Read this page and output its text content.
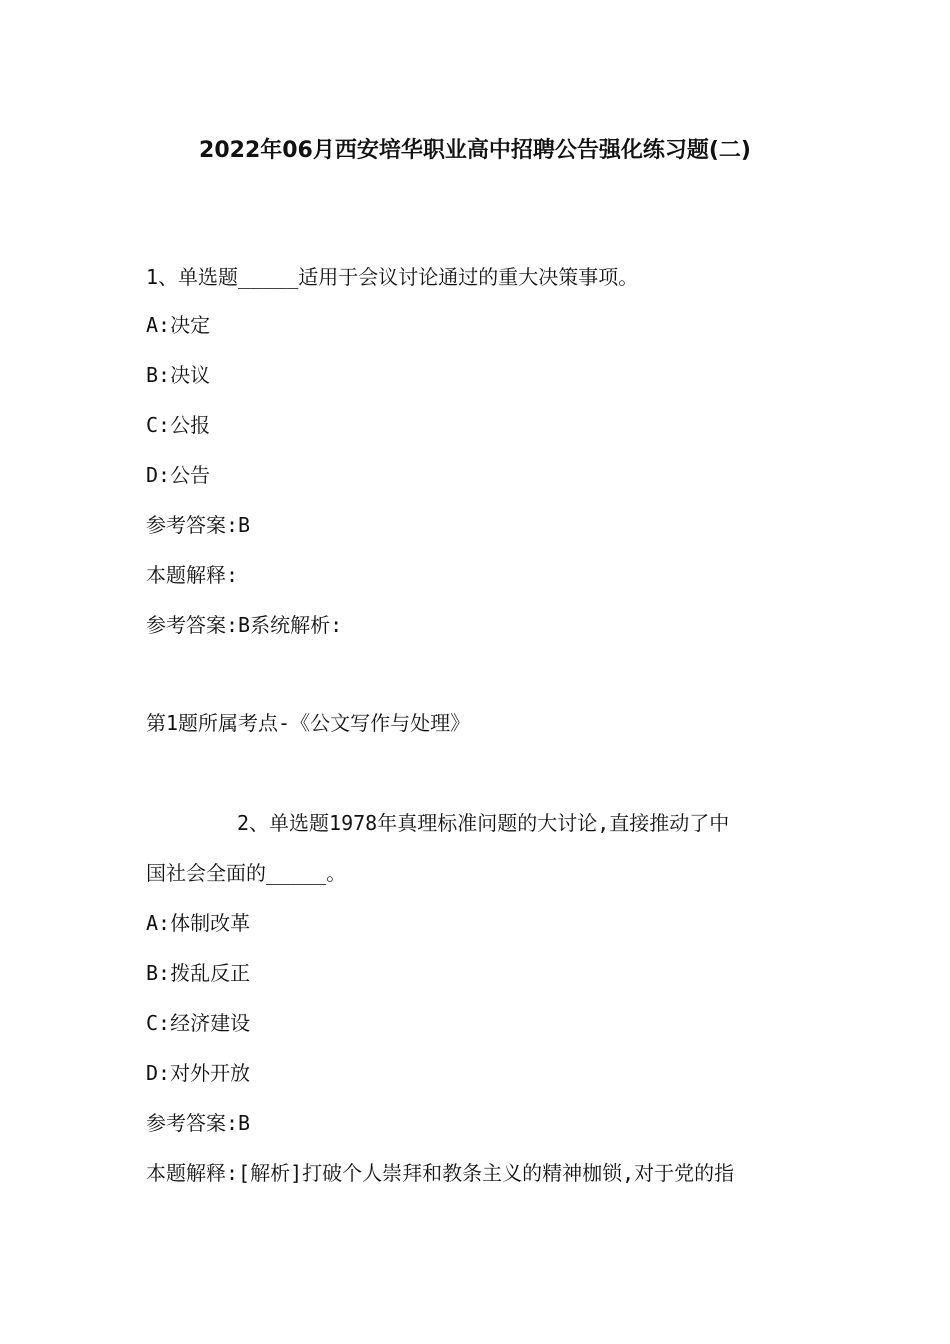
2022年06月西安培华职业高中招聘公告强化练习题(二)
1、单选题_____适用于会议讨论通过的重大决策事项。
A:决定
B:决议
C:公报
D:公告
参考答案:B
本题解释:
参考答案:B系统解析:
第1题所属考点-《公文写作与处理》
2、单选题1978年真理标准问题的大讨论,直接推动了中
国社会全面的_____。
A:体制改革
B:拨乱反正
C:经济建设
D:对外开放
参考答案:B
本题解释:[解析]打破个人崇拜和教条主义的精神枷锁,对于党的指
